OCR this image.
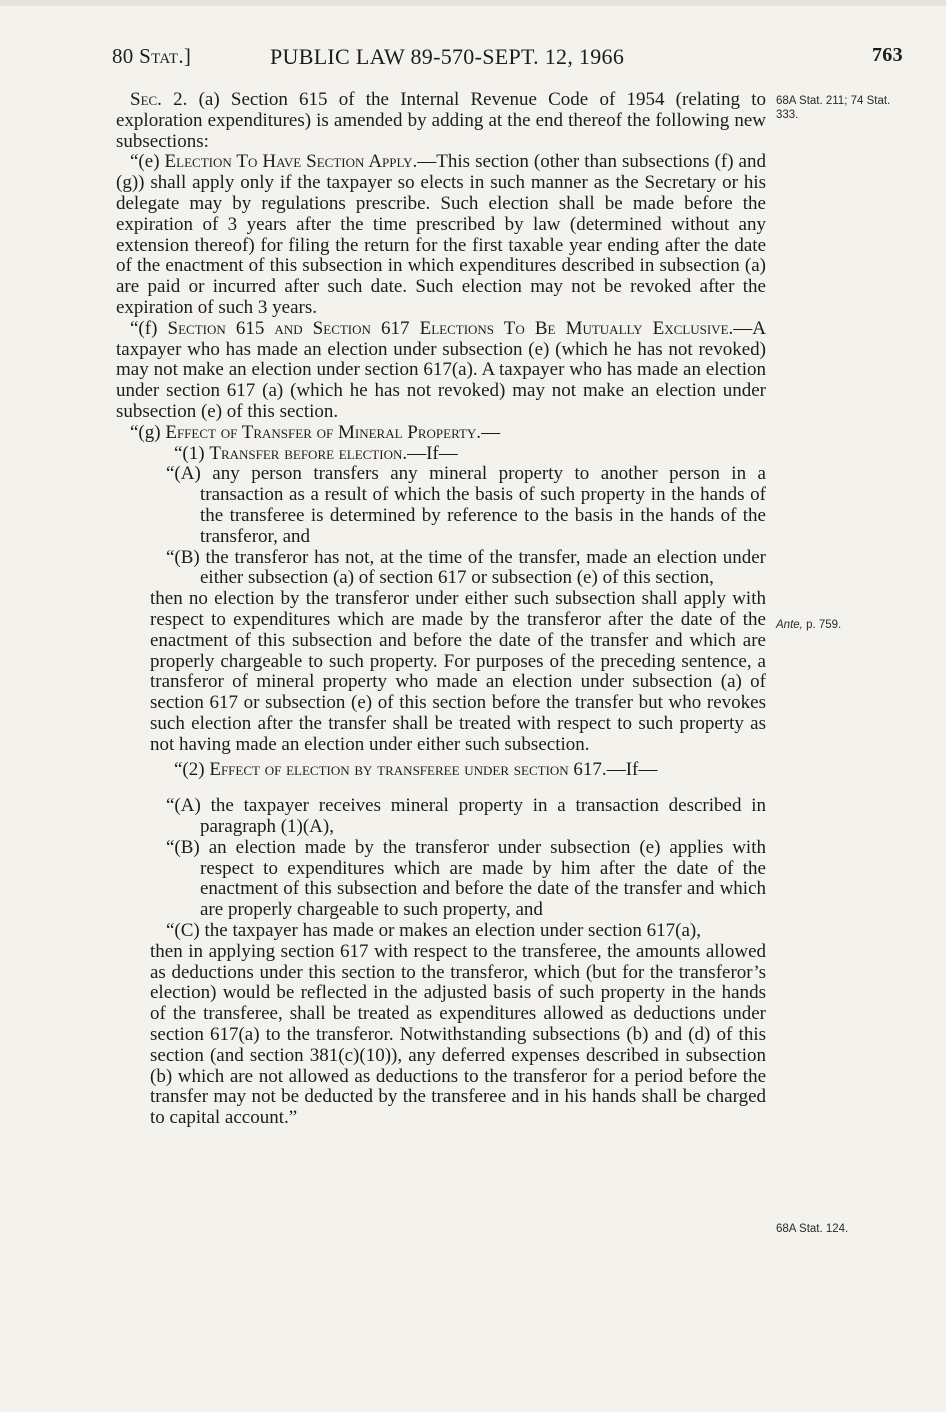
80 Stat.]	PUBLIC LAW 89-570-SEPT. 12, 1966	763
68A Stat. 211; 74 Stat. 333.
Ante, p. 759.
68A Stat. 124.

Sec. 2. (a) Section 615 of the Internal Revenue Code of 1954 (relating to exploration expenditures) is amended by adding at the end thereof the following new subsections:

“(e) Election To Have Section Apply.—This section (other than subsections (f) and (g)) shall apply only if the taxpayer so elects in such manner as the Secretary or his delegate may by regulations prescribe. Such election shall be made before the expiration of 3 years after the time prescribed by law (determined without any extension thereof) for filing the return for the first taxable year ending after the date of the enactment of this subsection in which expenditures described in subsection (a) are paid or incurred after such date. Such election may not be revoked after the expiration of such 3 years.

“(f) Section 615 and Section 617 Elections To Be Mutually Exclusive.—A taxpayer who has made an election under subsection (e) (which he has not revoked) may not make an election under section 617(a). A taxpayer who has made an election under section 617 (a) (which he has not revoked) may not make an election under subsection (e) of this section.

“(g) Effect of Transfer of Mineral Property.—

“(1) Transfer before election.—If—

“(A) any person transfers any mineral property to another person in a transaction as a result of which the basis of such property in the hands of the transferee is determined by reference to the basis in the hands of the transferor, and

“(B) the transferor has not, at the time of the transfer, made an election under either subsection (a) of section 617 or subsection (e) of this section,

then no election by the transferor under either such subsection shall apply with respect to expenditures which are made by the transferor after the date of the enactment of this subsection and before the date of the transfer and which are properly chargeable to such property. For purposes of the preceding sentence, a transferor of mineral property who made an election under subsection (a) of section 617 or subsection (e) of this section before the transfer but who revokes such election after the transfer shall be treated with respect to such property as not having made an election under either such subsection.

“(2) Effect of election by transferee under section 617.—If—

“(A) the taxpayer receives mineral property in a transaction described in paragraph (1)(A),

“(B) an election made by the transferor under subsection (e) applies with respect to expenditures which are made by him after the date of the enactment of this subsection and before the date of the transfer and which are properly chargeable to such property, and

“(C) the taxpayer has made or makes an election under section 617(a),

then in applying section 617 with respect to the transferee, the amounts allowed as deductions under this section to the transferor, which (but for the transferor’s election) would be reflected in the adjusted basis of such property in the hands of the transferee, shall be treated as expenditures allowed as deductions under section 617(a) to the transferor. Notwithstanding subsections (b) and (d) of this section (and section 381(c)(10)), any deferred expenses described in subsection (b) which are not allowed as deductions to the transferor for a period before the transfer may not be deducted by the transferee and in his hands shall be charged to capital account.”
